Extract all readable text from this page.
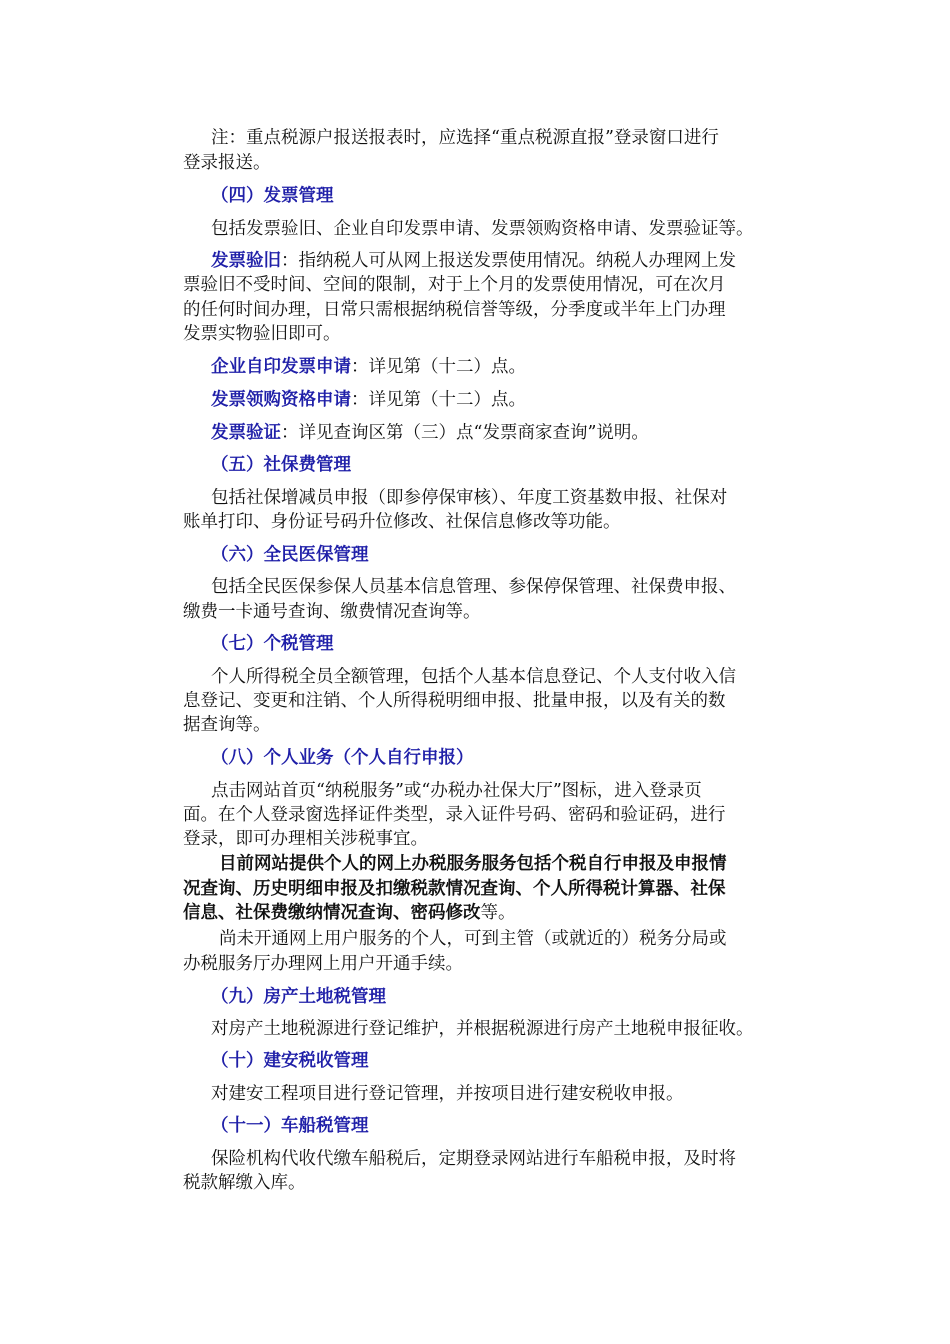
注：重点税源户报送报表时，应选择“重点税源直报”登录窗口进行
登录报送。
（四）发票管理
包括发票验旧、企业自印发票申请、发票领购资格申请、发票验证等。
发票验旧：指纳税人可从网上报送发票使用情况。纳税人办理网上发
票验旧不受时间、空间的限制，对于上个月的发票使用情况，可在次月
的任何时间办理，日常只需根据纳税信誉等级，分季度或半年上门办理
发票实物验旧即可。
企业自印发票申请：详见第（十二）点。
发票领购资格申请：详见第（十二）点。
发票验证：详见查询区第（三）点“发票商家查询”说明。
（五）社保费管理
包括社保增减员申报（即参停保审核）、年度工资基数申报、社保对
账单打印、身份证号码升位修改、社保信息修改等功能。
（六）全民医保管理
包括全民医保参保人员基本信息管理、参保停保管理、社保费申报、
缴费一卡通号查询、缴费情况查询等。
（七）个税管理
个人所得税全员全额管理，包括个人基本信息登记、个人支付收入信
息登记、变更和注销、个人所得税明细申报、批量申报，以及有关的数
据查询等。
（八）个人业务（个人自行申报）
点击网站首页“纳税服务”或“办税办社保大厅”图标，进入登录页
面。在个人登录窗选择证件类型，录入证件号码、密码和验证码，进行
登录，即可办理相关涉税事宜。
目前网站提供个人的网上办税服务服务包括个税自行申报及申报情
况查询、历史明细申报及扣缴税款情况查询、个人所得税计算器、社保
信息、社保费缴纳情况查询、密码修改等。
尚未开通网上用户服务的个人，可到主管（或就近的）税务分局或
办税服务厅办理网上用户开通手续。
（九）房产土地税管理
对房产土地税源进行登记维护，并根据税源进行房产土地税申报征收。
（十）建安税收管理
对建安工程项目进行登记管理，并按项目进行建安税收申报。
（十一）车船税管理
保险机构代收代缴车船税后，定期登录网站进行车船税申报，及时将
税款解缴入库。
